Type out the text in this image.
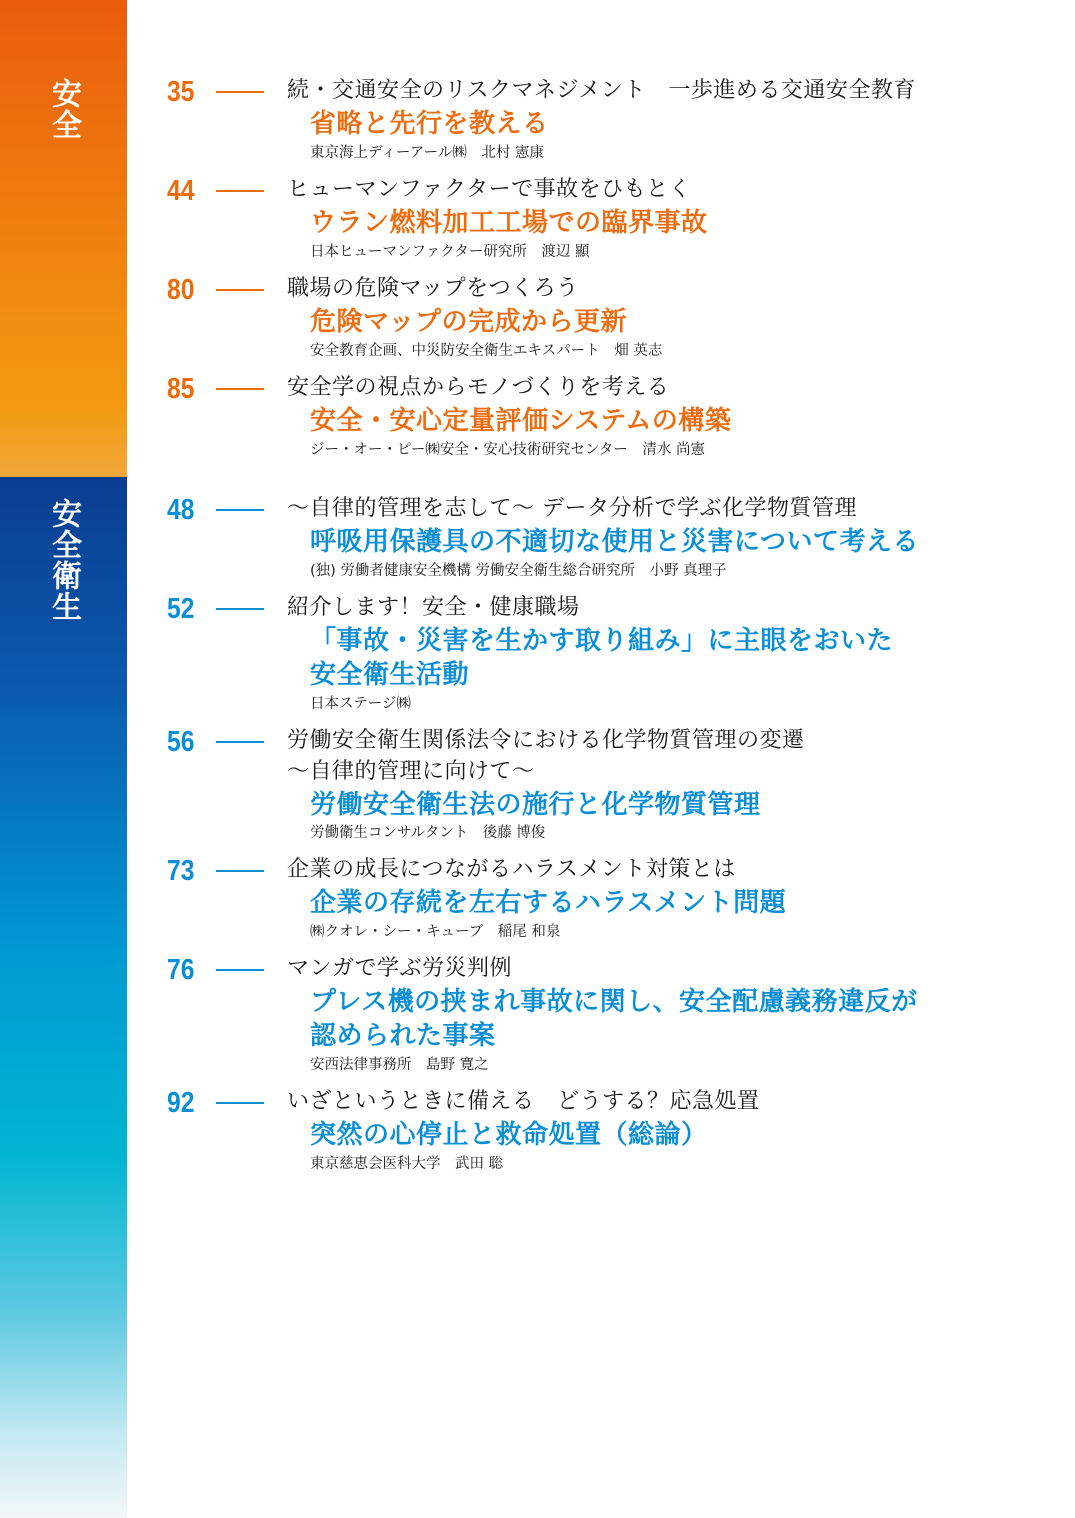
安全
安全衛生
35	続・交通安全のリスクマネジメント　一歩進める交通安全教育
省略と先行を教える
東京海上ディーアール㈱　北村 憲康
44	ヒューマンファクターで事故をひもとく
ウラン燃料加工工場での臨界事故
日本ヒューマンファクター研究所　渡辺 顯
80	職場の危険マップをつくろう
危険マップの完成から更新
安全教育企画、中災防安全衛生エキスパート　畑 英志
85	安全学の視点からモノづくりを考える
安全・安心定量評価システムの構築
ジー・オー・ピー㈱安全・安心技術研究センター　清水 尚憲
48	～自律的管理を志して～ データ分析で学ぶ化学物質管理
呼吸用保護具の不適切な使用と災害について考える
(独) 労働者健康安全機構 労働安全衛生総合研究所　小野 真理子
52	紹介します！安全・健康職場
「事故・災害を生かす取り組み」に主眼をおいた
安全衛生活動
日本ステージ㈱
56	労働安全衛生関係法令における化学物質管理の変遷
～自律的管理に向けて～
労働安全衛生法の施行と化学物質管理
労働衛生コンサルタント　後藤 博俊
73	企業の成長につながるハラスメント対策とは
企業の存続を左右するハラスメント問題
㈱クオレ・シー・キューブ　稲尾 和泉
76	マンガで学ぶ労災判例
プレス機の挟まれ事故に関し、安全配慮義務違反が
認められた事案
安西法律事務所　島野 寛之
92	いざというときに備える　どうする？応急処置
突然の心停止と救命処置（総論）
東京慈恵会医科大学　武田 聡
